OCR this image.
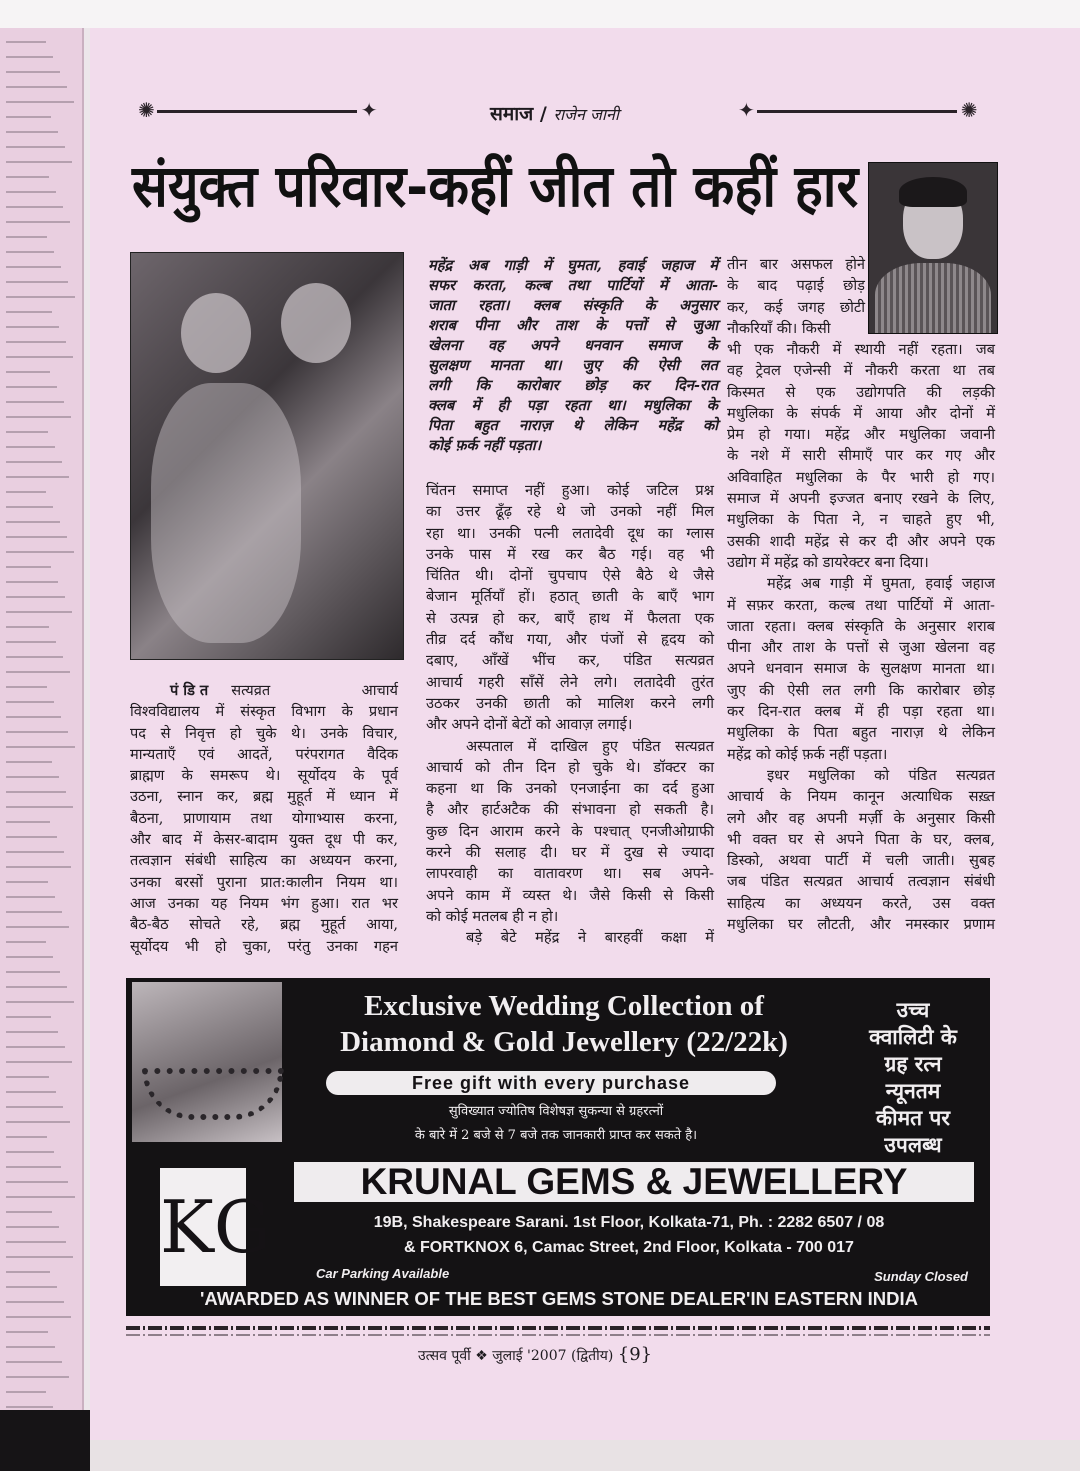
✺	✦	✦	✺
समाज / राजेन जानी
संयुक्त परिवार-कहीं जीत तो कहीं हार
महेंद्र अब गाड़ी में घुमता, हवाई जहाज में
सफर करता, कल्ब तथा पार्टियों में आता-
जाता रहता। क्लब संस्कृति के अनुसार
शराब पीना और ताश के पत्तों से जुआ
खेलना वह अपने धनवान समाज के
सुलक्षण मानता था। जुए की ऐसी लत
लगी कि कारोबार छोड़ कर दिन-रात
क्लब में ही पड़ा रहता था। मधुलिका के
पिता बहुत नाराज़ थे लेकिन महेंद्र को
कोई फ़र्क नहीं पड़ता।
पंडित सत्यव्रत आचार्य
विश्वविद्यालय में संस्कृत विभाग के प्रधान
पद से निवृत्त हो चुके थे। उनके विचार,
मान्यताएँ एवं आदतें, परंपरागत वैदिक
ब्राह्मण के समरूप थे। सूर्योदय के पूर्व
उठना, स्नान कर, ब्रह्म मुहूर्त में ध्यान में
बैठना, प्राणायाम तथा योगाभ्यास करना,
और बाद में केसर-बादाम युक्त दूध पी कर,
तत्वज्ञान संबंधी साहित्य का अध्ययन करना,
उनका बरसों पुराना प्रात:कालीन नियम था।
आज उनका यह नियम भंग हुआ। रात भर
बैठ-बैठ सोचते रहे, ब्रह्म मुहूर्त आया,
सूर्योदय भी हो चुका, परंतु उनका गहन
चिंतन समाप्त नहीं हुआ। कोई जटिल प्रश्न
का उत्तर ढूँढ़ रहे थे जो उनको नहीं मिल
रहा था। उनकी पत्नी लतादेवी दूध का ग्लास
उनके पास में रख कर बैठ गई। वह भी
चिंतित थी। दोनों चुपचाप ऐसे बैठे थे जैसे
बेजान मूर्तियाँ हों। हठात् छाती के बाएँ भाग
से उत्पन्न हो कर, बाएँ हाथ में फैलता एक
तीव्र दर्द कौंध गया, और पंजों से हृदय को
दबाए, आँखें भींच कर, पंडित सत्यव्रत
आचार्य गहरी साँसें लेने लगे। लतादेवी तुरंत
उठकर उनकी छाती को मालिश करने लगी
और अपने दोनों बेटों को आवाज़ लगाई।
अस्पताल में दाखिल हुए पंडित सत्यव्रत
आचार्य को तीन दिन हो चुके थे। डॉक्टर का
कहना था कि उनको एनजाईना का दर्द हुआ
है और हार्टअटैक की संभावना हो सकती है।
कुछ दिन आराम करने के पश्चात् एनजीओग्राफी
करने की सलाह दी। घर में दुख से ज्यादा
लापरवाही का वातावरण था। सब अपने-
अपने काम में व्यस्त थे। जैसे किसी से किसी
को कोई मतलब ही न हो।
बड़े बेटे महेंद्र ने बारहवीं कक्षा में
तीन बार असफल होने
के बाद पढ़ाई छोड़
कर, कई जगह छोटी
नौकरियाँ की। किसी
भी एक नौकरी में स्थायी नहीं रहता। जब
वह ट्रेवल एजेन्सी में नौकरी करता था तब
किस्मत से एक उद्योगपति की लड़की
मधुलिका के संपर्क में आया और दोनों में
प्रेम हो गया। महेंद्र और मधुलिका जवानी
के नशे में सारी सीमाएँ पार कर गए और
अविवाहित मधुलिका के पैर भारी हो गए।
समाज में अपनी इज्जत बनाए रखने के लिए,
मधुलिका के पिता ने, न चाहते हुए भी,
उसकी शादी महेंद्र से कर दी और अपने एक
उद्योग में महेंद्र को डायरेक्टर बना दिया।
महेंद्र अब गाड़ी में घुमता, हवाई जहाज
में सफ़र करता, कल्ब तथा पार्टियों में आता-
जाता रहता। क्लब संस्कृति के अनुसार शराब
पीना और ताश के पत्तों से जुआ खेलना वह
अपने धनवान समाज के सुलक्षण मानता था।
जुए की ऐसी लत लगी कि कारोबार छोड़
कर दिन-रात क्लब में ही पड़ा रहता था।
मधुलिका के पिता बहुत नाराज़ थे लेकिन
महेंद्र को कोई फ़र्क नहीं पड़ता।
इधर मधुलिका को पंडित सत्यव्रत
आचार्य के नियम कानून अत्याधिक सख़्त
लगे और वह अपनी मर्ज़ी के अनुसार किसी
भी वक्त घर से अपने पिता के घर, क्लब,
डिस्को, अथवा पार्टी में चली जाती। सुबह
जब पंडित सत्यव्रत आचार्य तत्वज्ञान संबंधी
साहित्य का अध्ययन करते, उस वक्त
मधुलिका घर लौटती, और नमस्कार प्रणाम
KG
Exclusive Wedding Collection of
Diamond & Gold Jewellery (22/22k)
Free gift with every purchase
सुविख्यात ज्योतिष विशेषज्ञ सुकन्या से ग्रहरत्नों
के बारे में 2 बजे से 7 बजे तक जानकारी प्राप्त कर सकते है।
उच्च
क्वालिटी के
ग्रह रत्न
न्यूनतम
कीमत पर
उपलब्ध
KRUNAL GEMS & JEWELLERY
19B, Shakespeare Sarani. 1st Floor, Kolkata-71, Ph. : 2282 6507 / 08
& FORTKNOX 6, Camac Street, 2nd Floor, Kolkata - 700 017
Car Parking Available	Sunday Closed
'AWARDED AS WINNER OF THE BEST GEMS STONE DEALER'IN EASTERN INDIA
उत्सव पूर्वी ❖ जुलाई '2007 (द्वितीय) {9}
